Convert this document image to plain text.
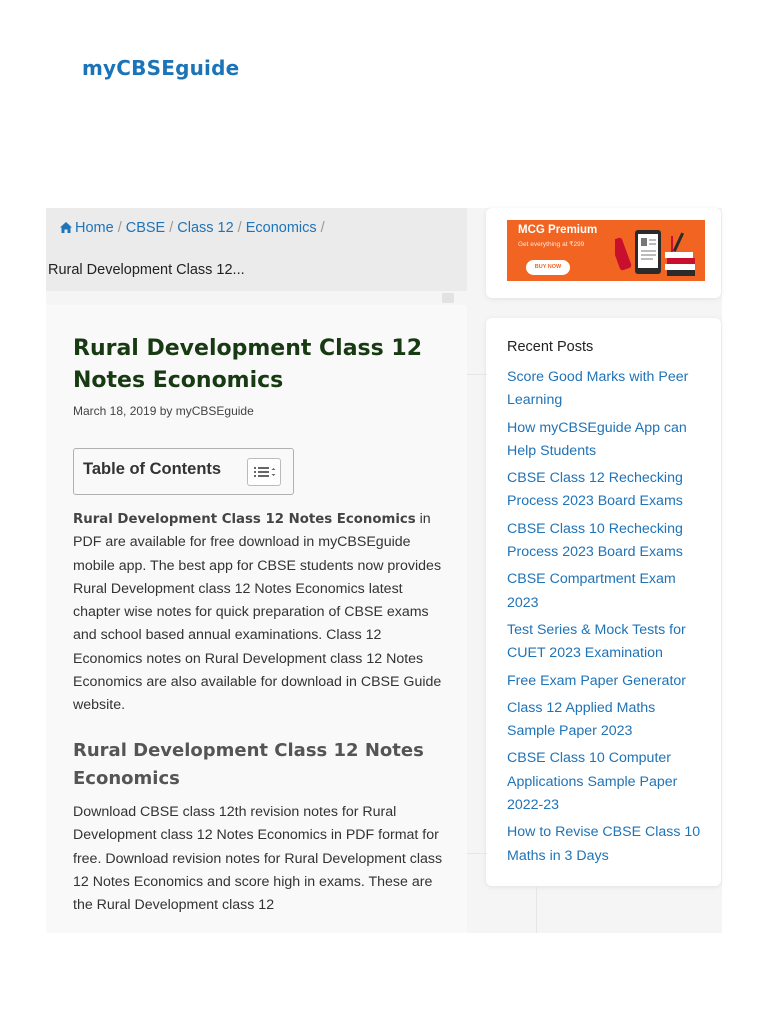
myCBSEguide
Home / CBSE / Class 12 / Economics /
Rural Development Class 12...
Rural Development Class 12 Notes Economics
March 18, 2019 by myCBSEguide
Table of Contents

Rural Development Class 12 Notes Economics in PDF are available for free download in myCBSEguide mobile app. The best app for CBSE students now provides Rural Development class 12 Notes Economics latest chapter wise notes for quick preparation of CBSE exams and school based annual examinations. Class 12 Economics notes on Rural Development class 12 Notes Economics are also available for download in CBSE Guide website.

Rural Development Class 12 Notes Economics

Download CBSE class 12th revision notes for Rural Development class 12 Notes Economics in PDF format for free. Download revision notes for Rural Development class 12 Notes Economics and score high in exams. These are the Rural Development class 12

MCG Premium
Get everything at ₹299
BUY NOW
Recent Posts
Score Good Marks with Peer Learning
How myCBSEguide App can Help Students
CBSE Class 12 Rechecking Process 2023 Board Exams
CBSE Class 10 Rechecking Process 2023 Board Exams
CBSE Compartment Exam 2023
Test Series & Mock Tests for CUET 2023 Examination
Free Exam Paper Generator
Class 12 Applied Maths Sample Paper 2023
CBSE Class 10 Computer Applications Sample Paper 2022-23
How to Revise CBSE Class 10 Maths in 3 Days
